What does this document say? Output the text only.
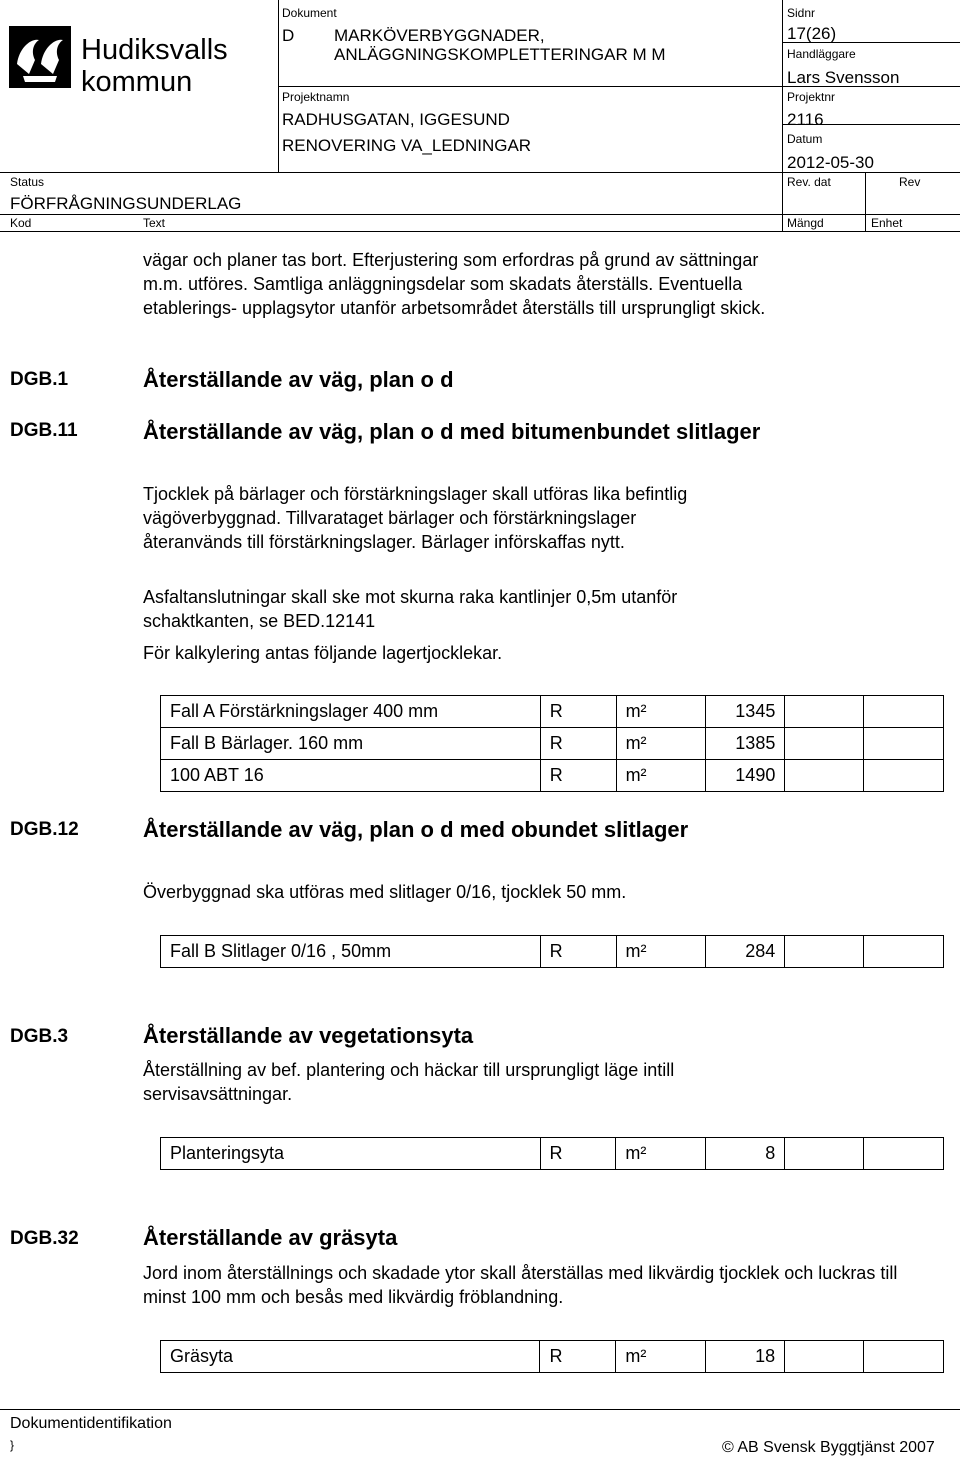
Hudiksvalls
kommun
Dokument
D MARKÖVERBYGGNADER,
ANLÄGGNINGSKOMPLETTERINGAR M M
Projektnamn
RADHUSGATAN, IGGESUND
RENOVERING VA_LEDNINGAR
Sidnr
17(26)
Handläggare
Lars Svensson
Projektnr
2116
Datum
2012-05-30
Status
FÖRFRÅGNINGSUNDERLAG
Rev. dat	Rev
Kod	Text	Mängd	Enhet
vägar och planer tas bort. Efterjustering som erfordras på grund av sättningar m.m. utföres. Samtliga anläggningsdelar som skadats återställs. Eventuella etablerings- upplagsytor utanför arbetsområdet återställs till ursprungligt skick.
DGB.1	Återställande av väg, plan o d
DGB.11	Återställande av väg, plan o d med bitumenbundet slitlager
Tjocklek på bärlager och förstärkningslager skall utföras lika befintlig vägöverbyggnad. Tillvarataget bärlager och förstärkningslager återanvänds till förstärkningslager. Bärlager införskaffas nytt.
Asfaltanslutningar skall ske mot skurna raka kantlinjer 0,5m utanför schaktkanten, se BED.12141
För kalkylering antas följande lagertjocklekar.
Fall A Förstärkningslager 400 mm	R	m²	1345		
Fall B Bärlager. 160 mm	R	m²	1385		
100 ABT 16	R	m²	1490		
DGB.12	Återställande av väg, plan o d med obundet slitlager
Överbyggnad ska utföras med slitlager 0/16, tjocklek 50 mm.
Fall B Slitlager 0/16 , 50mm	R	m²	284		
DGB.3	Återställande av vegetationsyta
Återställning av bef. plantering och häckar till ursprungligt läge intill servisavsättningar.
Planteringsyta	R	m²	8		
DGB.32	Återställande av gräsyta
Jord inom återställnings och skadade ytor skall återställas med likvärdig tjocklek och luckras till minst 100 mm och besås med likvärdig fröblandning.
Gräsyta	R	m²	18		
Dokumentidentifikation
}	© AB Svensk Byggtjänst 2007
